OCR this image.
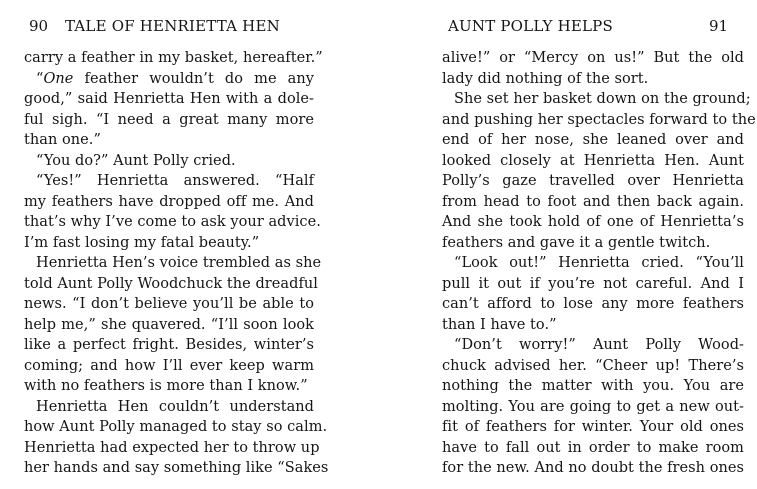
90 TALE OF HENRIETTA HEN
carry a feather in my basket, hereafter.”
“One feather wouldn’t do me any
good,” said Henrietta Hen with a dole-
ful sigh. “I need a great many more
than one.”
“You do?” Aunt Polly cried.
“Yes!” Henrietta answered. “Half
my feathers have dropped off me. And
that’s why I’ve come to ask your advice.
I’m fast losing my fatal beauty.”
Henrietta Hen’s voice trembled as she
told Aunt Polly Woodchuck the dreadful
news. “I don’t believe you’ll be able to
help me,” she quavered. “I’ll soon look
like a perfect fright. Besides, winter’s
coming; and how I’ll ever keep warm
with no feathers is more than I know.”
Henrietta Hen couldn’t understand
how Aunt Polly managed to stay so calm.
Henrietta had expected her to throw up
her hands and say something like “Sakes
AUNT POLLY HELPS	91
alive!” or “Mercy on us!” But the old
lady did nothing of the sort.
She set her basket down on the ground;
and pushing her spectacles forward to the
end of her nose, she leaned over and
looked closely at Henrietta Hen. Aunt
Polly’s gaze travelled over Henrietta
from head to foot and then back again.
And she took hold of one of Henrietta’s
feathers and gave it a gentle twitch.
“Look out!” Henrietta cried. “You’ll
pull it out if you’re not careful. And I
can’t afford to lose any more feathers
than I have to.”
“Don’t worry!” Aunt Polly Wood-
chuck advised her. “Cheer up! There’s
nothing the matter with you. You are
molting. You are going to get a new out-
fit of feathers for winter. Your old ones
have to fall out in order to make room
for the new. And no doubt the fresh ones
